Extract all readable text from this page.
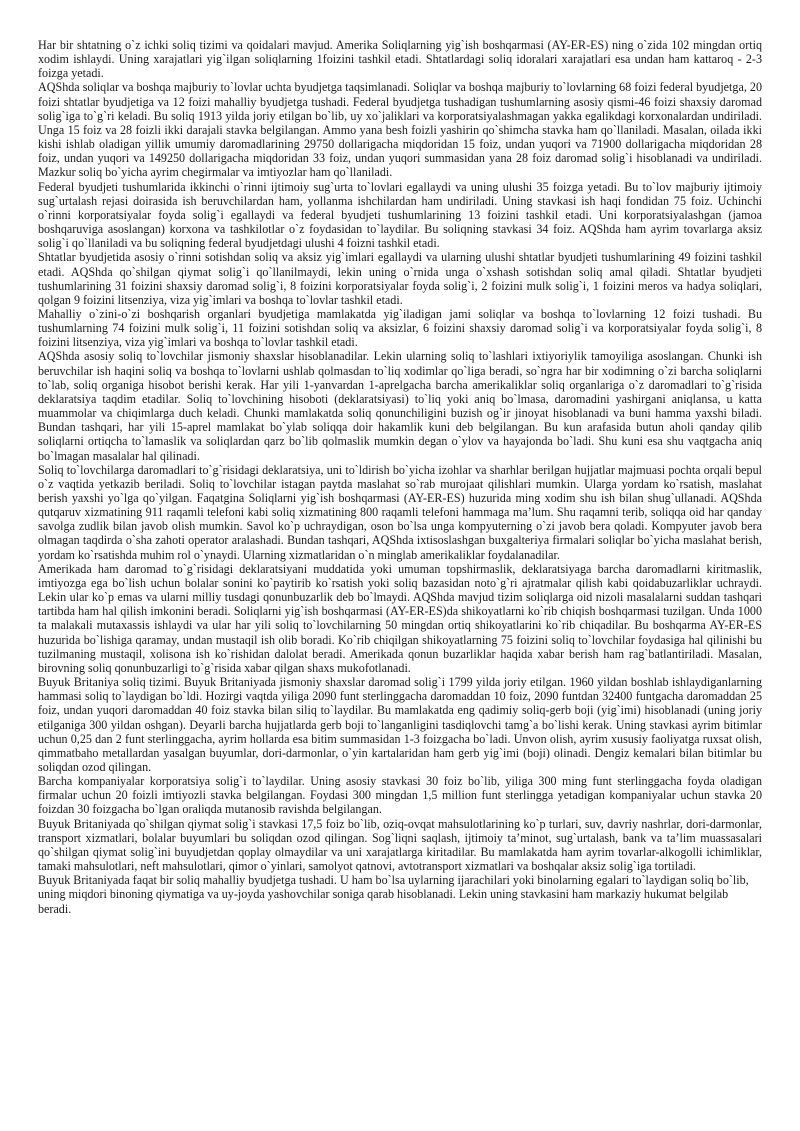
Har bir shtatning o`z ichki soliq tizimi va qoidalari mavjud. Amerika Soliqlarning yig`ish boshqarmasi (AY-ER-ES) ning o`zida 102 mingdan ortiq xodim ishlaydi. Uning xarajatlari yig`ilgan soliqlarning 1foizini tashkil etadi. Shtatlardagi soliq idoralari xarajatlari esa undan ham kattaroq - 2-3 foizga yetadi.

AQShda soliqlar va boshqa majburiy to`lovlar uchta byudjetga taqsimlanadi. Soliqlar va boshqa majburiy to`lovlarning 68 foizi federal byudjetga, 20 foizi shtatlar byudjetiga va 12 foizi mahalliy byudjetga tushadi. Federal byudjetga tushadigan tushumlarning asosiy qismi-46 foizi shaxsiy daromad solig`iga to`g`ri keladi. Bu soliq 1913 yilda joriy etilgan bo`lib, uy xo`jaliklari va korporatsiyalashmagan yakka egalikdagi korxonalardan undiriladi. Unga 15 foiz va 28 foizli ikki darajali stavka belgilangan. Ammo yana besh foizli yashirin qo`shimcha stavka ham qo`llaniladi. Masalan, oilada ikki kishi ishlab oladigan yillik umumiy daromadlarining 29750 dollarigacha miqdoridan 15 foiz, undan yuqori va 71900 dollarigacha miqdoridan 28 foiz, undan yuqori va 149250 dollarigacha miqdoridan 33 foiz, undan yuqori summasidan yana 28 foiz daromad solig`i hisoblanadi va undiriladi. Mazkur soliq bo`yicha ayrim chegirmalar va imtiyozlar ham qo`llaniladi.

Federal byudjeti tushumlarida ikkinchi o`rinni ijtimoiy sug`urta to`lovlari egallaydi va uning ulushi 35 foizga yetadi. Bu to`lov majburiy ijtimoiy sug`urtalash rejasi doirasida ish beruvchilardan ham, yollanma ishchilardan ham undiriladi. Uning stavkasi ish haqi fondidan 75 foiz. Uchinchi o`rinni korporatsiyalar foyda solig`i egallaydi va federal byudjeti tushumlarining 13 foizini tashkil etadi. Uni korporatsiyalashgan (jamoa boshqaruviga asoslangan) korxona va tashkilotlar o`z foydasidan to`laydilar. Bu soliqning stavkasi 34 foiz. AQShda ham ayrim tovarlarga aksiz solig`i qo`llaniladi va bu soliqning federal byudjetdagi ulushi 4 foizni tashkil etadi.

Shtatlar byudjetida asosiy o`rinni sotishdan soliq va aksiz yig`imlari egallaydi va ularning ulushi shtatlar byudjeti tushumlarining 49 foizini tashkil etadi. AQShda qo`shilgan qiymat solig`i qo`llanilmaydi, lekin uning o`rnida unga o`xshash sotishdan soliq amal qiladi. Shtatlar byudjeti tushumlarining 31 foizini shaxsiy daromad solig`i, 8 foizini korporatsiyalar foyda solig`i, 2 foizini mulk solig`i, 1 foizini meros va hadya soliqlari, qolgan 9 foizini litsenziya, viza yig`imlari va boshqa to`lovlar tashkil etadi.

Mahalliy o`zini-o`zi boshqarish organlari byudjetiga mamlakatda yig`iladigan jami soliqlar va boshqa to`lovlarning 12 foizi tushadi. Bu tushumlarning 74 foizini mulk solig`i, 11 foizini sotishdan soliq va aksizlar, 6 foizini shaxsiy daromad solig`i va korporatsiyalar foyda solig`i, 8 foizini litsenziya, viza yig`imlari va boshqa to`lovlar tashkil etadi.

AQShda asosiy soliq to`lovchilar jismoniy shaxslar hisoblanadilar. Lekin ularning soliq to`lashlari ixtiyoriylik tamoyiliga asoslangan. Chunki ish beruvchilar ish haqini soliq va boshqa to`lovlarni ushlab qolmasdan to`liq xodimlar qo`liga beradi, so`ngra har bir xodimning o`zi barcha soliqlarni to`lab, soliq organiga hisobot berishi kerak. Har yili 1-yanvardan 1-aprelgacha barcha amerikaliklar soliq organlariga o`z daromadlari to`g`risida deklaratsiya taqdim etadilar. Soliq to`lovchining hisoboti (deklaratsiyasi) to`liq yoki aniq bo`lmasa, daromadini yashirgani aniqlansa, u katta muammolar va chiqimlarga duch keladi. Chunki mamlakatda soliq qonunchiligini buzish og`ir jinoyat hisoblanadi va buni hamma yaxshi biladi. Bundan tashqari, har yili 15-aprel mamlakat bo`ylab soliqqa doir hakamlik kuni deb belgilangan. Bu kun arafasida butun aholi qanday qilib soliqlarni ortiqcha to`lamaslik va soliqlardan qarz bo`lib qolmaslik mumkin degan o`ylov va hayajonda bo`ladi. Shu kuni esa shu vaqtgacha aniq bo`lmagan masalalar hal qilinadi.

Soliq to`lovchilarga daromadlari to`g`risidagi deklaratsiya, uni to`ldirish bo`yicha izohlar va sharhlar berilgan hujjatlar majmuasi pochta orqali bepul o`z vaqtida yetkazib beriladi. Soliq to`lovchilar istagan paytda maslahat so`rab murojaat qilishlari mumkin. Ularga yordam ko`rsatish, maslahat berish yaxshi yo`lga qo`yilgan. Faqatgina Soliqlarni yig`ish boshqarmasi (AY-ER-ES) huzurida ming xodim shu ish bilan shug`ullanadi. AQShda qutqaruv xizmatining 911 raqamli telefoni kabi soliq xizmatining 800 raqamli telefoni hammaga ma’lum. Shu raqamni terib, soliqqa oid har qanday savolga zudlik bilan javob olish mumkin. Savol ko`p uchraydigan, oson bo`lsa unga kompyuterning o`zi javob bera qoladi. Kompyuter javob bera olmagan taqdirda o`sha zahoti operator aralashadi. Bundan tashqari, AQShda ixtisoslashgan buxgalteriya firmalari soliqlar bo`yicha maslahat berish, yordam ko`rsatishda muhim rol o`ynaydi. Ularning xizmatlaridan o`n minglab amerikaliklar foydalanadilar.

Amerikada ham daromad to`g`risidagi deklaratsiyani muddatida yoki umuman topshirmaslik, deklaratsiyaga barcha daromadlarni kiritmaslik, imtiyozga ega bo`lish uchun bolalar sonini ko`paytirib ko`rsatish yoki soliq bazasidan noto`g`ri ajratmalar qilish kabi qoidabuzarliklar uchraydi. Lekin ular ko`p emas va ularni milliy tusdagi qonunbuzarlik deb bo`lmaydi. AQShda mavjud tizim soliqlarga oid nizoli masalalarni suddan tashqari tartibda ham hal qilish imkonini beradi. Soliqlarni yig`ish boshqarmasi (AY-ER-ES)da shikoyatlarni ko`rib chiqish boshqarmasi tuzilgan. Unda 1000 ta malakali mutaxassis ishlaydi va ular har yili soliq to`lovchilarning 50 mingdan ortiq shikoyatlarini ko`rib chiqadilar. Bu boshqarma AY-ER-ES huzurida bo`lishiga qaramay, undan mustaqil ish olib boradi. Ko`rib chiqilgan shikoyatlarning 75 foizini soliq to`lovchilar foydasiga hal qilinishi bu tuzilmaning mustaqil, xolisona ish ko`rishidan dalolat beradi. Amerikada qonun buzarliklar haqida xabar berish ham rag`batlantiriladi. Masalan, birovning soliq qonunbuzarligi to`g`risida xabar qilgan shaxs mukofotlanadi.

Buyuk Britaniya soliq tizimi. Buyuk Britaniyada jismoniy shaxslar daromad solig`i 1799 yilda joriy etilgan. 1960 yildan boshlab ishlaydiganlarning hammasi soliq to`laydigan bo`ldi. Hozirgi vaqtda yiliga 2090 funt sterlinggacha daromaddan 10 foiz, 2090 funtdan 32400 funtgacha daromaddan 25 foiz, undan yuqori daromaddan 40 foiz stavka bilan siliq to`laydilar. Bu mamlakatda eng qadimiy soliq-gerb boji (yig`imi) hisoblanadi (uning joriy etilganiga 300 yildan oshgan). Deyarli barcha hujjatlarda gerb boji to`langanligini tasdiqlovchi tamg`a bo`lishi kerak. Uning stavkasi ayrim bitimlar uchun 0,25 dan 2 funt sterlinggacha, ayrim hollarda esa bitim summasidan 1-3 foizgacha bo`ladi. Unvon olish, ayrim xususiy faoliyatga ruxsat olish, qimmatbaho metallardan yasalgan buyumlar, dori-darmonlar, o`yin kartalaridan ham gerb yig`imi (boji) olinadi. Dengiz kemalari bilan bitimlar bu soliqdan ozod qilingan.

Barcha kompaniyalar korporatsiya solig`i to`laydilar. Uning asosiy stavkasi 30 foiz bo`lib, yiliga 300 ming funt sterlinggacha foyda oladigan firmalar uchun 20 foizli imtiyozli stavka belgilangan. Foydasi 300 mingdan 1,5 million funt sterlingga yetadigan kompaniyalar uchun stavka 20 foizdan 30 foizgacha bo`lgan oraliqda mutanosib ravishda belgilangan.

Buyuk Britaniyada qo`shilgan qiymat solig`i stavkasi 17,5 foiz bo`lib, oziq-ovqat mahsulotlarining ko`p turlari, suv, davriy nashrlar, dori-darmonlar, transport xizmatlari, bolalar buyumlari bu soliqdan ozod qilingan. Sog`liqni saqlash, ijtimoiy ta’minot, sug`urtalash, bank va ta’lim muassasalari qo`shilgan qiymat solig`ini buyudjetdan qoplay olmaydilar va uni xarajatlarga kiritadilar. Bu mamlakatda ham ayrim tovarlar-alkogolli ichimliklar, tamaki mahsulotlari, neft mahsulotlari, qimor o`yinlari, samolyot qatnovi, avtotransport xizmatlari va boshqalar aksiz solig`iga tortiladi.

Buyuk Britaniyada faqat bir soliq mahalliy byudjetga tushadi. U ham bo`lsa uylarning ijarachilari yoki binolarning egalari to`laydigan soliq bo`lib, uning miqdori binoning qiymatiga va uy-joyda yashovchilar soniga qarab hisoblanadi. Lekin uning stavkasini ham markaziy hukumat belgilab beradi.
